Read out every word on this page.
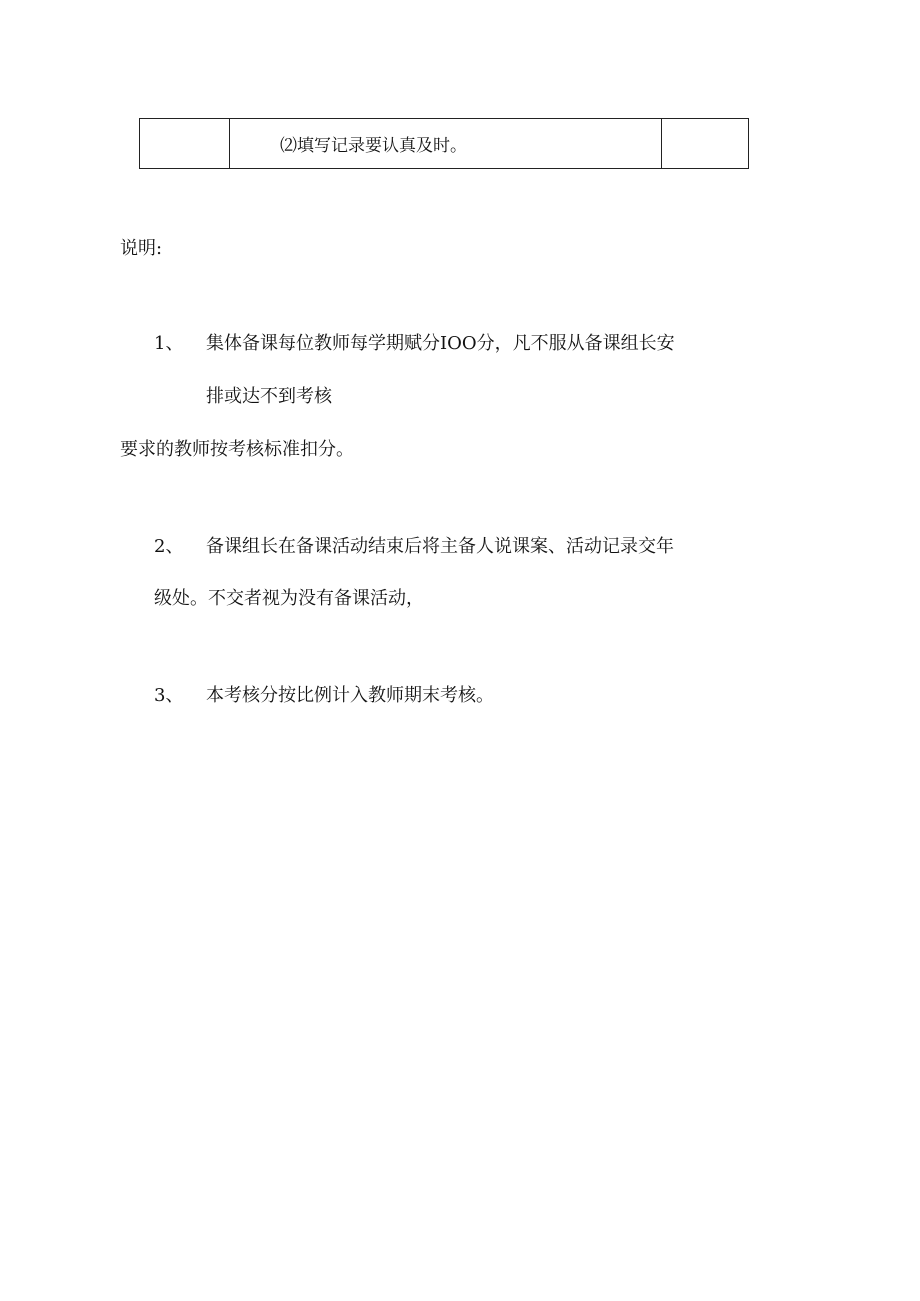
	⑵填写记录要认真及时。	
说明:
1、 集体备课每位教师每学期赋分IOO分，凡不服从备课组长安
排或达不到考核
要求的教师按考核标准扣分。
2、 备课组长在备课活动结束后将主备人说课案、活动记录交年
级处。不交者视为没有备课活动，
3、 本考核分按比例计入教师期末考核。
